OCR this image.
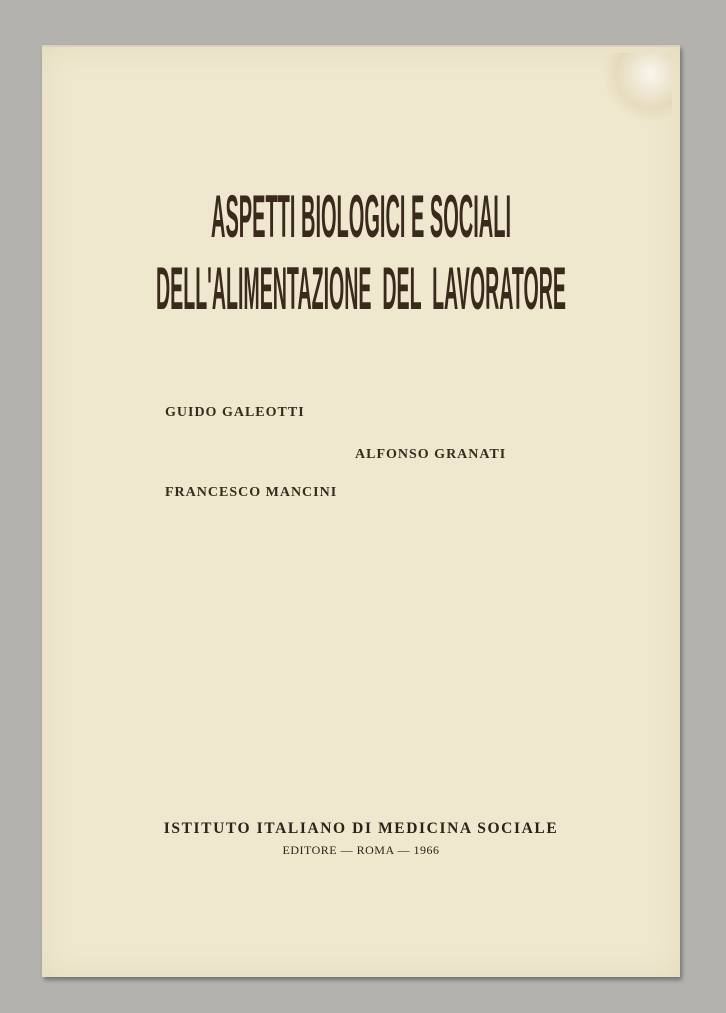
ASPETTI BIOLOGICI E SOCIALI
DELL'ALIMENTAZIONE  DEL  LAVORATORE
GUIDO GALEOTTI
ALFONSO GRANATI
FRANCESCO MANCINI
ISTITUTO ITALIANO DI MEDICINA SOCIALE
EDITORE — ROMA — 1966
